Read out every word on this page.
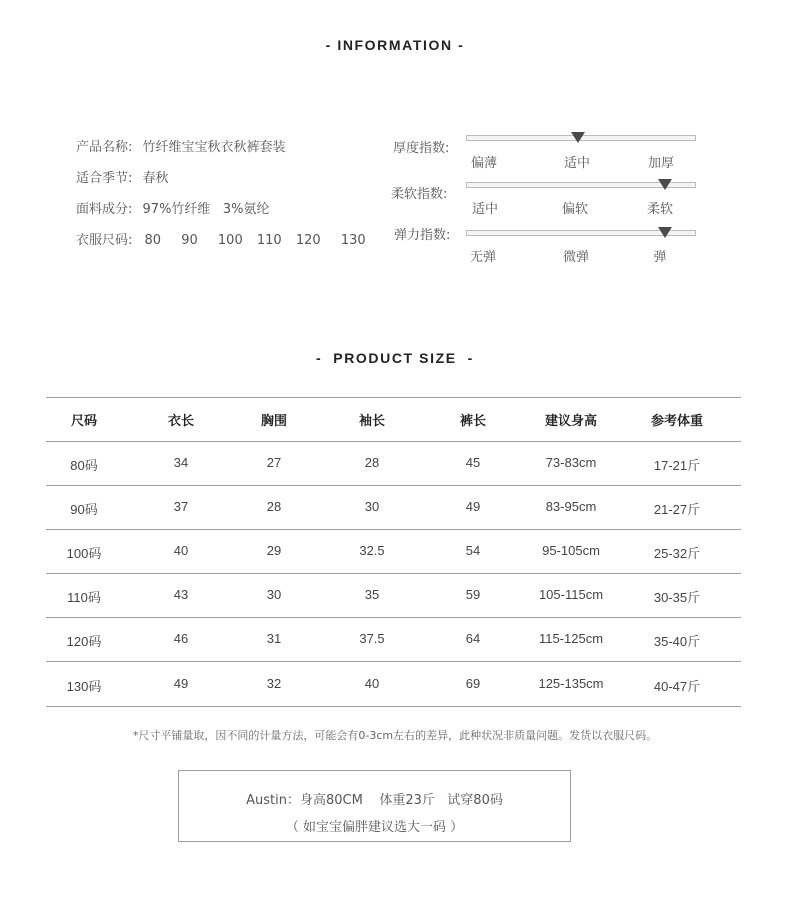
- INFORMATION -
产品名称: 竹纤维宝宝秋衣秋裤套装
适合季节: 春秋
面料成分: 97%竹纤维   3%氨纶
衣服尺码: 80 90 100 110 120 130
厚度指数:
偏薄	适中	加厚
柔软指数:
适中	偏软	柔软
弹力指数:
无弹	微弹	弹
-  PRODUCT SIZE  -
尺码	衣长	胸围	袖长	裤长	建议身高	参考体重
80码	34	27	28	45	73-83cm	17-21斤
90码	37	28	30	49	83-95cm	21-27斤
100码	40	29	32.5	54	95-105cm	25-32斤
110码	43	30	35	59	105-115cm	30-35斤
120码	46	31	37.5	64	115-125cm	35-40斤
130码	49	32	40	69	125-135cm	40-47斤
*尺寸平铺量取，因不同的计量方法，可能会有0-3cm左右的差异，此种状况非质量问题。发货以衣服尺码。
Austin：身高80CM    体重23斤   试穿80码
（ 如宝宝偏胖建议选大一码 ）
